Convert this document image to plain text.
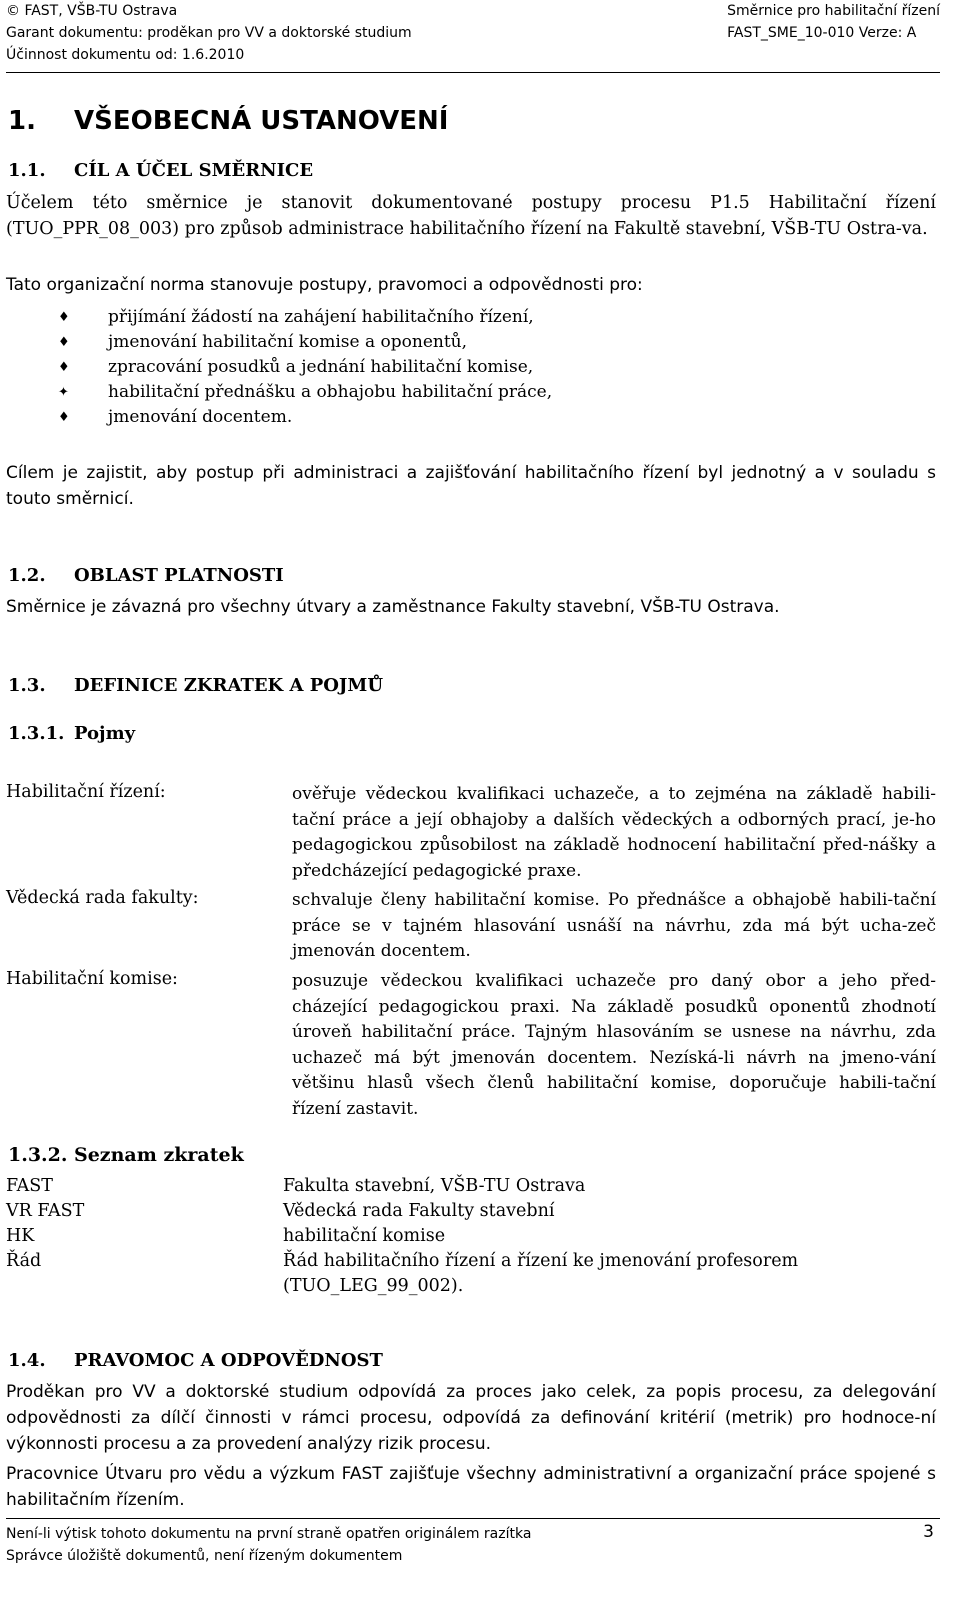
© FAST, VŠB-TU Ostrava
Garant dokumentu: proděkan pro VV a doktorské studium
Účinnost dokumentu od: 1.6.2010
Směrnice pro habilitační řízení
FAST_SME_10-010 Verze: A
1. VŠEOBECNÁ USTANOVENÍ
1.1. CÍL A ÚČEL SMĚRNICE
Účelem této směrnice je stanovit dokumentované postupy procesu P1.5 Habilitační řízení (TUO_PPR_08_003) pro způsob administrace habilitačního řízení na Fakultě stavební, VŠB-TU Ostra-va.
Tato organizační norma stanovuje postupy, pravomoci a odpovědnosti pro:
♦	přijímání žádostí na zahájení habilitačního řízení,
♦	jmenování habilitační komise a oponentů,
♦	zpracování posudků a jednání habilitační komise,
✦	habilitační přednášku a obhajobu habilitační práce,
♦	jmenování docentem.
Cílem je zajistit, aby postup při administraci a zajišťování habilitačního řízení byl jednotný a v souladu s touto směrnicí.
1.2. OBLAST PLATNOSTI
Směrnice je závazná pro všechny útvary a zaměstnance Fakulty stavební, VŠB-TU Ostrava.
1.3. DEFINICE ZKRATEK A POJMŮ
1.3.1. Pojmy
Habilitační řízení:	ověřuje vědeckou kvalifikaci uchazeče, a to zejména na základě habili-tační práce a její obhajoby a dalších vědeckých a odborných prací, je-ho pedagogickou způsobilost na základě hodnocení habilitační před-nášky a předcházející pedagogické praxe.
Vědecká rada fakulty:	schvaluje členy habilitační komise. Po přednášce a obhajobě habili-tační práce se v tajném hlasování usnáší na návrhu, zda má být ucha-zeč jmenován docentem.
Habilitační komise:	posuzuje vědeckou kvalifikaci uchazeče pro daný obor a jeho před-cházející pedagogickou praxi. Na základě posudků oponentů zhodnotí úroveň habilitační práce. Tajným hlasováním se usnese na návrhu, zda uchazeč má být jmenován docentem. Nezíská-li návrh na jmeno-vání většinu hlasů všech členů habilitační komise, doporučuje habili-tační řízení zastavit.
1.3.2. Seznam zkratek
FAST	Fakulta stavební, VŠB-TU Ostrava
VR FAST	Vědecká rada Fakulty stavební
HK	habilitační komise
Řád	Řád habilitačního řízení a řízení ke jmenování profesorem (TUO_LEG_99_002).
1.4. PRAVOMOC A ODPOVĚDNOST
Proděkan pro VV a doktorské studium odpovídá za proces jako celek, za popis procesu, za delegování odpovědnosti za dílčí činnosti v rámci procesu, odpovídá za definování kritérií (metrik) pro hodnoce-ní výkonnosti procesu a za provedení analýzy rizik procesu.
Pracovnice Útvaru pro vědu a výzkum FAST zajišťuje všechny administrativní a organizační práce spojené s habilitačním řízením.
Není-li výtisk tohoto dokumentu na první straně opatřen originálem razítka
Správce úložiště dokumentů, není řízeným dokumentem
3
